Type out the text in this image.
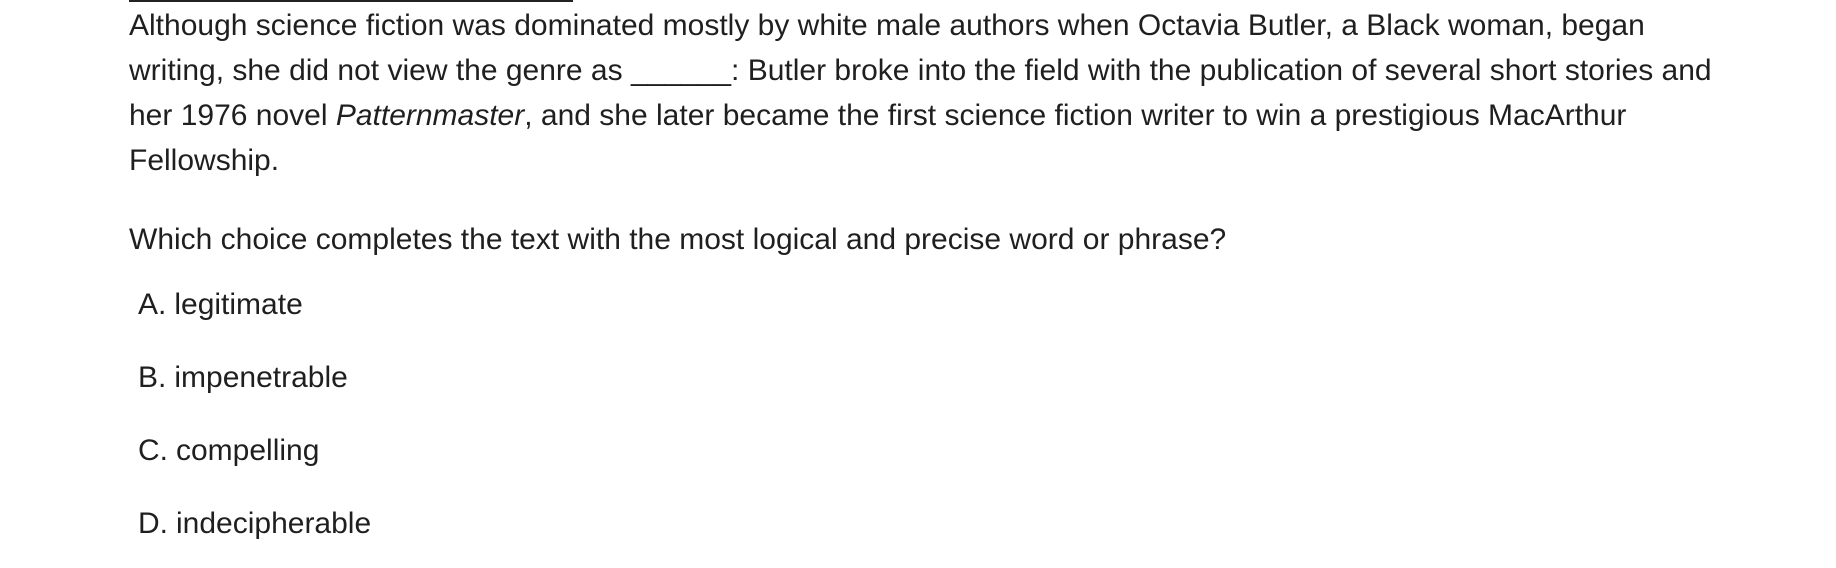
Although science fiction was dominated mostly by white male authors when Octavia Butler, a Black woman, began writing, she did not view the genre as ______: Butler broke into the field with the publication of several short stories and her 1976 novel Patternmaster, and she later became the first science fiction writer to win a prestigious MacArthur Fellowship.

Which choice completes the text with the most logical and precise word or phrase?

A. legitimate
B. impenetrable
C. compelling
D. indecipherable
